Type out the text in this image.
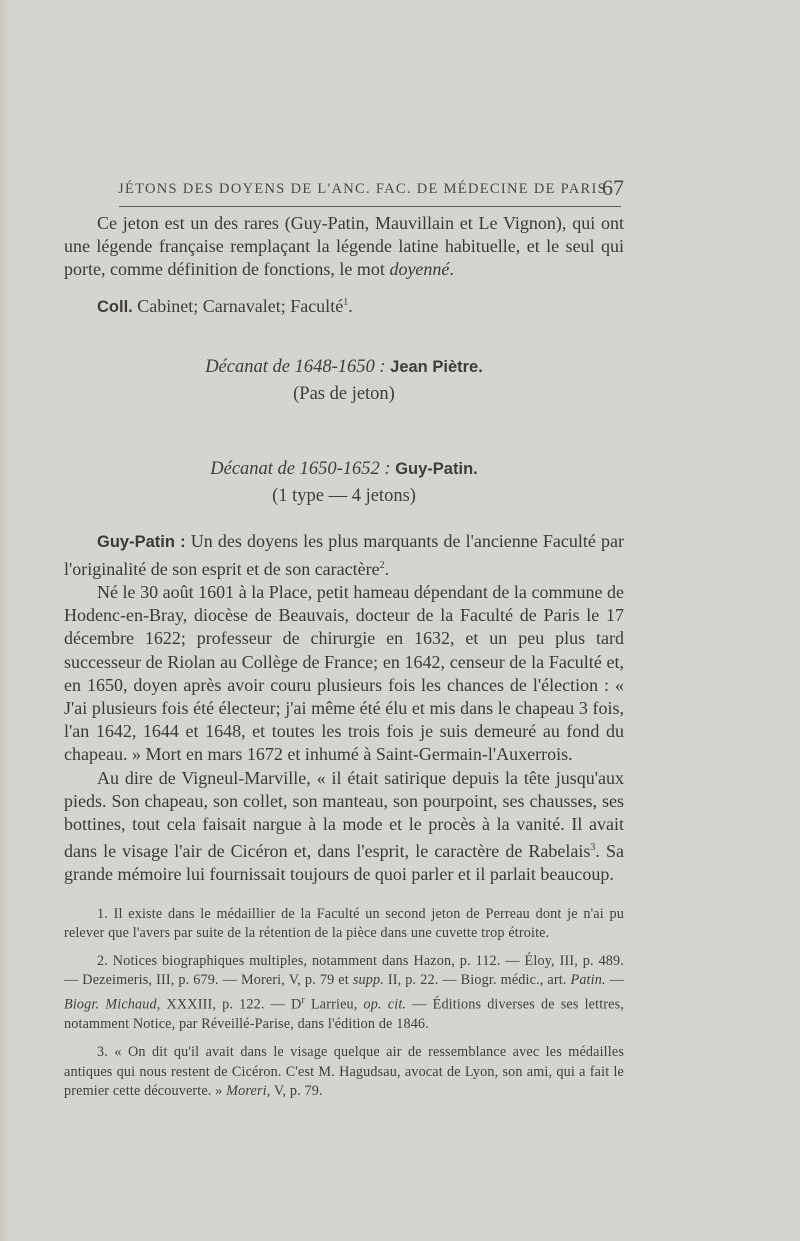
JÉTONS DES DOYENS DE L'ANC. FAC. DE MÉDECINE DE PARIS
67

Ce jeton est un des rares (Guy-Patin, Mauvillain et Le Vignon), qui ont une légende française remplaçant la légende latine habituelle, et le seul qui porte, comme définition de fonctions, le mot doyenné.

Coll. Cabinet; Carnavalet; Faculté$^1$.

Décanat de 1648-1650 : Jean Piètre.
(Pas de jeton)
Décanat de 1650-1652 : Guy-Patin.
(1 type — 4 jetons)

Guy-Patin : Un des doyens les plus marquants de l'ancienne Faculté par l'originalité de son esprit et de son caractère$^2$.

Né le 30 août 1601 à la Place, petit hameau dépendant de la commune de Hodenc-en-Bray, diocèse de Beauvais, docteur de la Faculté de Paris le 17 décembre 1622; professeur de chirurgie en 1632, et un peu plus tard successeur de Riolan au Collège de France; en 1642, censeur de la Faculté et, en 1650, doyen après avoir couru plusieurs fois les chances de l'élection : « J'ai plusieurs fois été électeur; j'ai même été élu et mis dans le chapeau 3 fois, l'an 1642, 1644 et 1648, et toutes les trois fois je suis demeuré au fond du chapeau. » Mort en mars 1672 et inhumé à Saint-Germain-l'Auxerrois.

Au dire de Vigneul-Marville, « il était satirique depuis la tête jusqu'aux pieds. Son chapeau, son collet, son manteau, son pourpoint, ses chausses, ses bottines, tout cela faisait nargue à la mode et le procès à la vanité. Il avait dans le visage l'air de Cicéron et, dans l'esprit, le caractère de Rabelais$^3$. Sa grande mémoire lui fournissait toujours de quoi parler et il parlait beaucoup.

1. Il existe dans le médaillier de la Faculté un second jeton de Perreau dont je n'ai pu relever que l'avers par suite de la rétention de la pièce dans une cuvette trop étroite.

2. Notices biographiques multiples, notamment dans Hazon, p. 112. — Éloy, III, p. 489. — Dezeimeris, III, p. 679. — Moreri, V, p. 79 et supp. II, p. 22. — Biogr. médic., art. Patin. — Biogr. Michaud, XXXIII, p. 122. — $D^r$ Larrieu, op. cit. — Éditions diverses de ses lettres, notamment Notice, par Réveillé-Parise, dans l'édition de 1846.

3. « On dit qu'il avait dans le visage quelque air de ressemblance avec les médailles antiques qui nous restent de Cicéron. C'est M. Hagudsau, avocat de Lyon, son ami, qui a fait le premier cette découverte. » Moreri, V, p. 79.
